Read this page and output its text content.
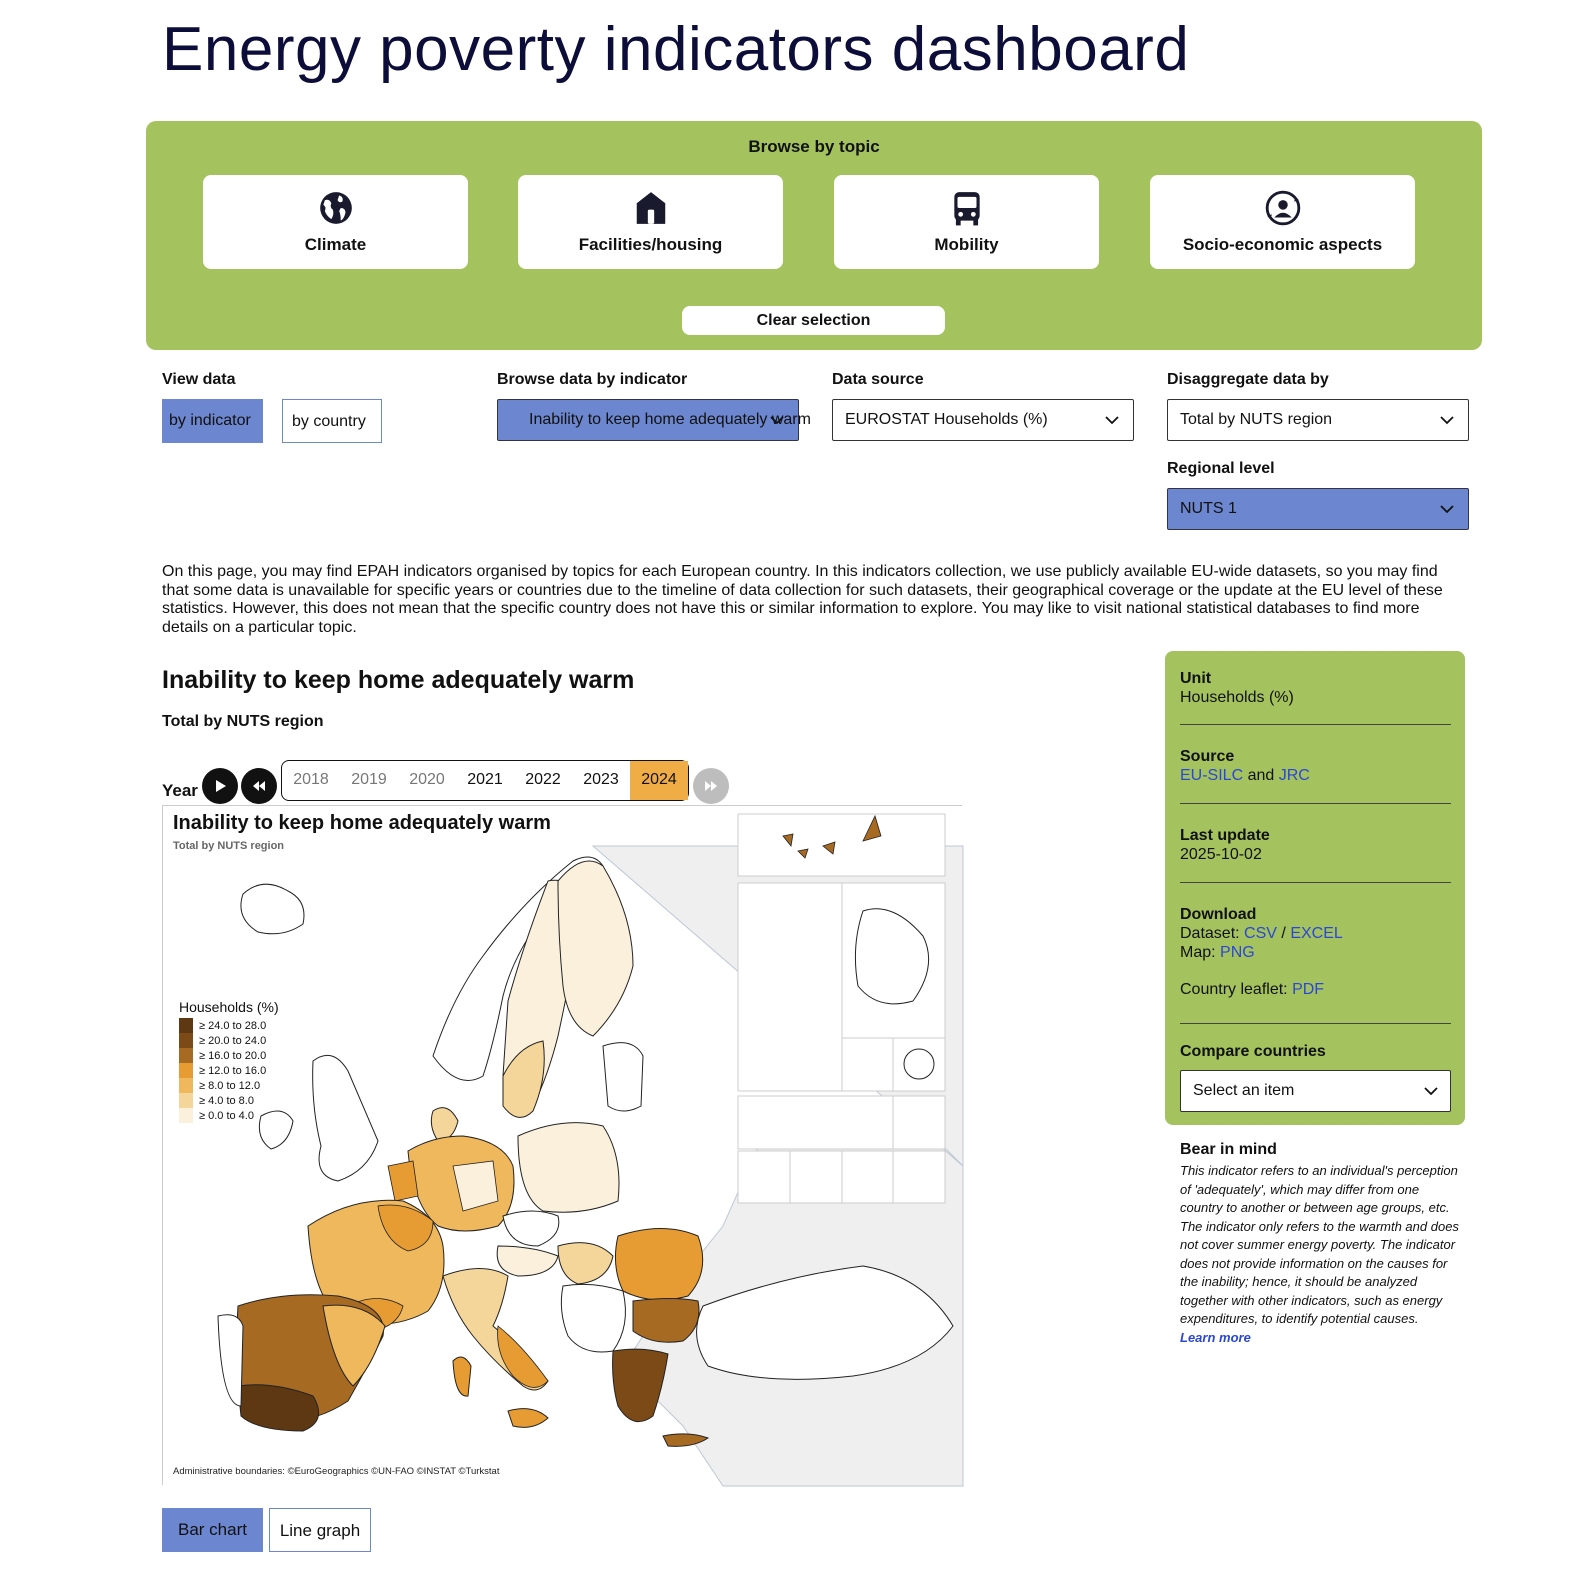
Energy poverty indicators dashboard
Browse by topic
Climate	Facilities/housing	Mobility	Socio-economic aspects
Clear selection
View data
by indicator	by country
Browse data by indicator
Inability to keep home adequately warm
Data source
EUROSTAT Households (%)
Disaggregate data by
Total by NUTS region
Regional level
NUTS 1

On this page, you may find EPAH indicators organised by topics for each European country. In this indicators collection, we use publicly available EU-wide datasets, so you may find that some data is unavailable for specific years or countries due to the timeline of data collection for such datasets, their geographical coverage or the update at the EU level of these statistics. However, this does not mean that the specific country does not have this or similar information to explore. You may like to visit national statistical databases to find more details on a particular topic.

Inability to keep home adequately warm
Total by NUTS region
Year
2018	2019	2020	2021	2022	2023	2024
Inability to keep home adequately warm
Total by NUTS region
Households (%)
≥ 24.0 to 28.0
≥ 20.0 to 24.0
≥ 16.0 to 20.0
≥ 12.0 to 16.0
≥ 8.0 to 12.0
≥ 4.0 to 8.0
≥ 0.0 to 4.0
Administrative boundaries: ©EuroGeographics ©UN-FAO ©INSTAT ©Turkstat
Unit
Households (%)
Source
EU-SILC and JRC
Last update
2025-10-02
Download
Dataset: CSV / EXCEL
Map: PNG
Country leaflet: PDF
Compare countries
Select an item
Bear in mind
This indicator refers to an individual's perception of 'adequately', which may differ from one country to another or between age groups, etc. The indicator only refers to the warmth and does not cover summer energy poverty. The indicator does not provide information on the causes for the inability; hence, it should be analyzed together with other indicators, such as energy expenditures, to identify potential causes.
Learn more
Bar chart	Line graph
